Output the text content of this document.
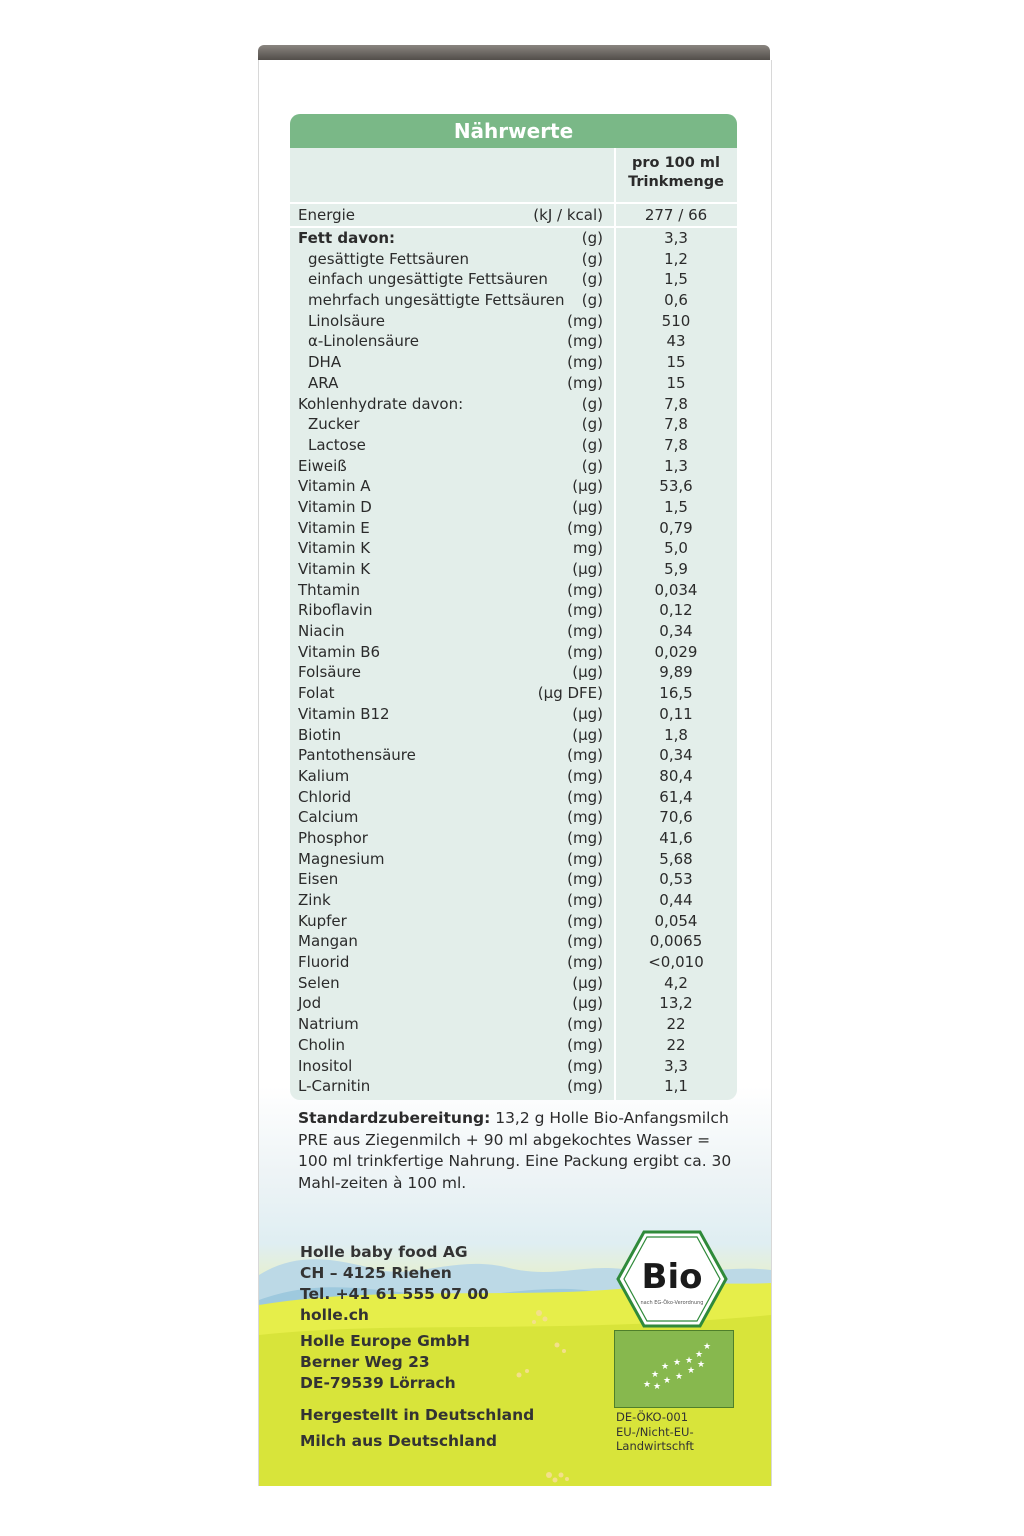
Nährwerte
pro 100 ml
Trinkmenge
Energie	(kJ / kcal)	277 / 66
Fett davon:	(g)	3,3
gesättigte Fettsäuren	(g)	1,2
einfach ungesättigte Fettsäuren (g)	1,5
mehrfach ungesättigte Fettsäuren (g)	0,6
Linolsäure	(mg)	510
α-Linolensäure	(mg)	43
DHA	(mg)	15
ARA	(mg)	15
Kohlenhydrate davon:	(g)	7,8
Zucker	(g)	7,8
Lactose	(g)	7,8
Eiweiß	(g)	1,3
Vitamin A	(µg)	53,6
Vitamin D	(µg)	1,5
Vitamin E	(mg)	0,79
Vitamin K	mg)	5,0
Vitamin K	(µg)	5,9
Thtamin	(mg)	0,034
Riboflavin	(mg)	0,12
Niacin	(mg)	0,34
Vitamin B6	(mg)	0,029
Folsäure	(µg)	9,89
Folat	(µg DFE)	16,5
Vitamin B12	(µg)	0,11
Biotin	(µg)	1,8
Pantothensäure	(mg)	0,34
Kalium	(mg)	80,4
Chlorid	(mg)	61,4
Calcium	(mg)	70,6
Phosphor	(mg)	41,6
Magnesium	(mg)	5,68
Eisen	(mg)	0,53
Zink	(mg)	0,44
Kupfer	(mg)	0,054
Mangan	(mg)	0,0065
Fluorid	(mg)	<0,010
Selen	(µg)	4,2
Jod	(µg)	13,2
Natrium	(mg)	22
Cholin	(mg)	22
Inositol	(mg)	3,3
L-Carnitin	(mg)	1,1
Standardzubereitung: 13,2 g Holle Bio-Anfangsmilch PRE aus Ziegenmilch + 90 ml abgekochtes Wasser = 100 ml trinkfertige Nahrung. Eine Packung ergibt ca. 30 Mahl-zeiten à 100 ml.
Holle baby food AG
CH – 4125 Riehen
Tel. +41 61 555 07 00
holle.ch
Holle Europe GmbH
Berner Weg 23
DE-79539 Lörrach
Hergestellt in Deutschland
Milch aus Deutschland
Bio
nach EG-Öko-Verordnung
★
★
★ ★ ★
★
★
★ ★
★
★
★
DE-ÖKO-001
EU-/Nicht-EU-
Landwirtschft
